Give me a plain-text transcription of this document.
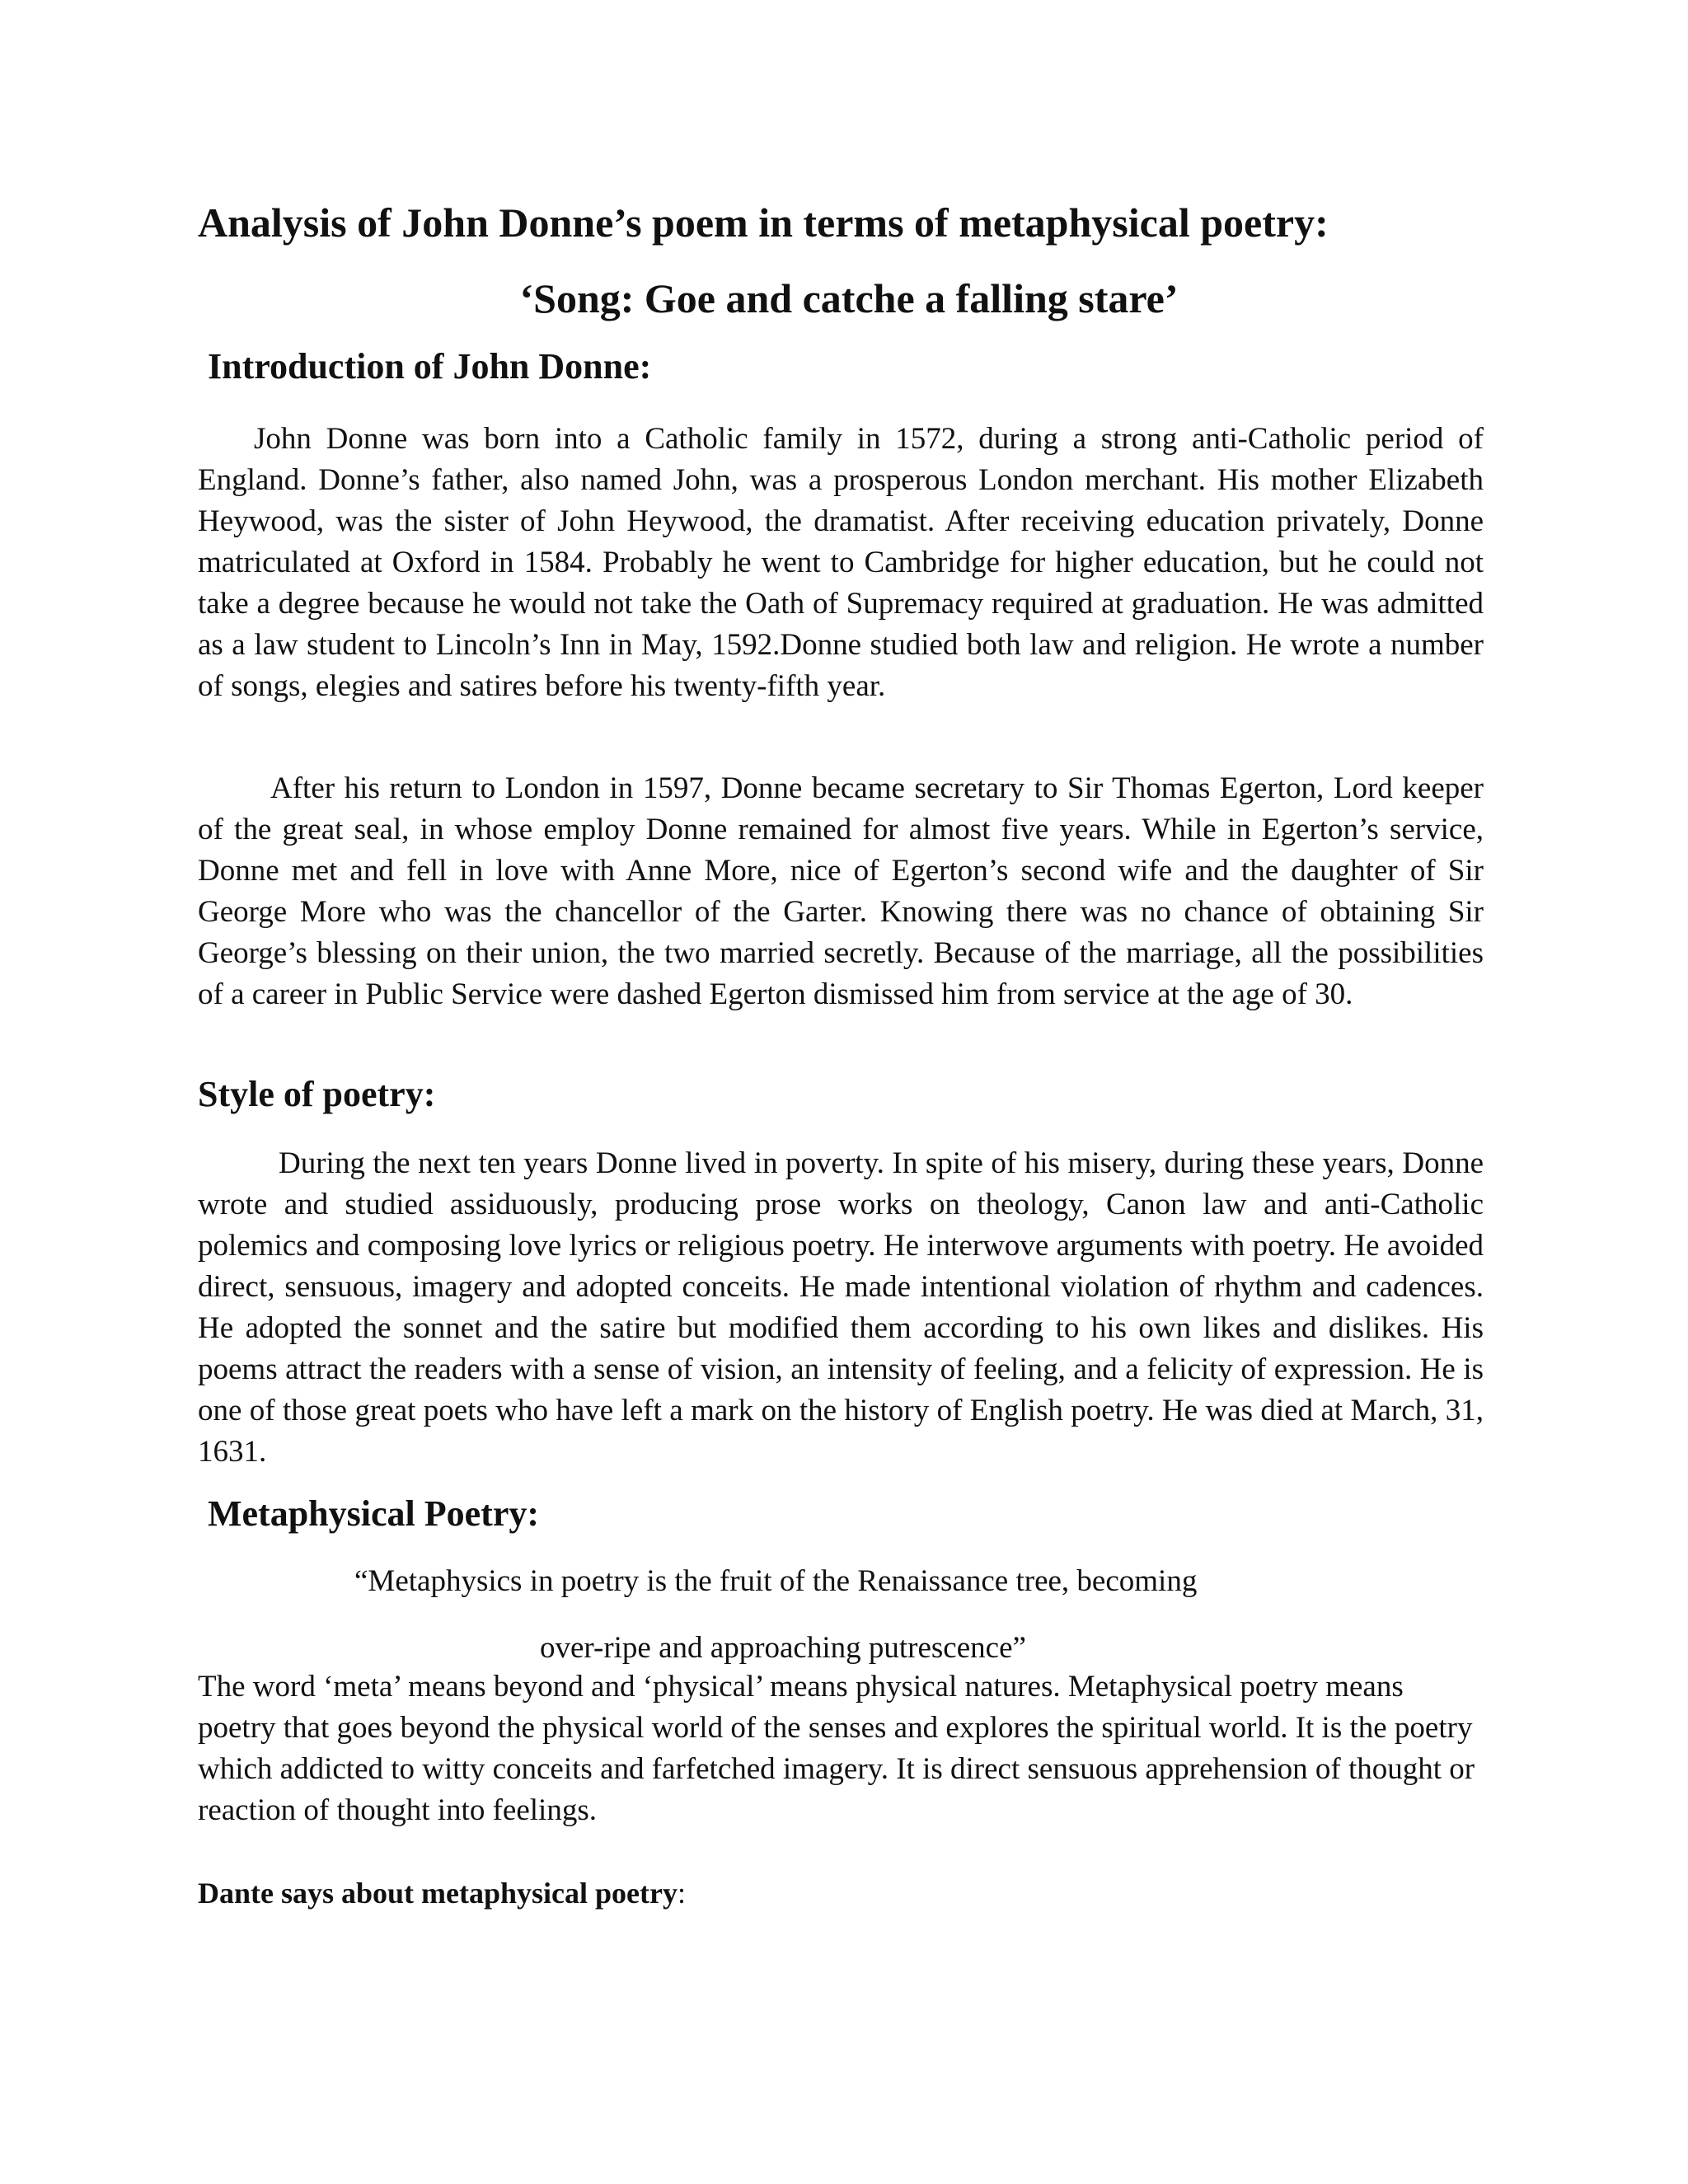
Analysis of John Donne’s poem in terms of metaphysical poetry:
‘Song: Goe and catche a falling stare’
Introduction of John Donne:

John Donne was born into a Catholic family in 1572, during a strong anti-Catholic period of England. Donne’s father, also named John, was a prosperous London merchant. His mother Elizabeth Heywood, was the sister of John Heywood, the dramatist. After receiving education privately, Donne matriculated at Oxford in 1584. Probably he went to Cambridge for higher education, but he could not take a degree because he would not take the Oath of Supremacy required at graduation. He was admitted as a law student to Lincoln’s Inn in May, 1592.Donne studied both law and religion. He wrote a number of songs, elegies and satires before his twenty-fifth year.

After his return to London in 1597, Donne became secretary to Sir Thomas Egerton, Lord keeper of the great seal, in whose employ Donne remained for almost five years. While in Egerton’s service, Donne met and fell in love with Anne More, nice of Egerton’s second wife and the daughter of Sir George More who was the chancellor of the Garter. Knowing there was no chance of obtaining Sir George’s blessing on their union, the two married secretly. Because of the marriage, all the possibilities of a career in Public Service were dashed Egerton dismissed him from service at the age of 30.

Style of poetry:

During the next ten years Donne lived in poverty. In spite of his misery, during these years, Donne wrote and studied assiduously, producing prose works on theology, Canon law and anti-Catholic polemics and composing love lyrics or religious poetry. He interwove arguments with poetry. He avoided direct, sensuous, imagery and adopted conceits. He made intentional violation of rhythm and cadences. He adopted the sonnet and the satire but modified them according to his own likes and dislikes. His poems attract the readers with a sense of vision, an intensity of feeling, and a felicity of expression. He is one of those great poets who have left a mark on the history of English poetry. He was died at March, 31, 1631.

Metaphysical Poetry:
“Metaphysics in poetry is the fruit of the Renaissance tree, becoming
over-ripe and approaching putrescence”

The word ‘meta’ means beyond and ‘physical’ means physical natures. Metaphysical poetry means poetry that goes beyond the physical world of the senses and explores the spiritual world. It is the poetry which addicted to witty conceits and farfetched imagery. It is direct sensuous apprehension of thought or reaction of thought into feelings.

Dante says about metaphysical poetry:
